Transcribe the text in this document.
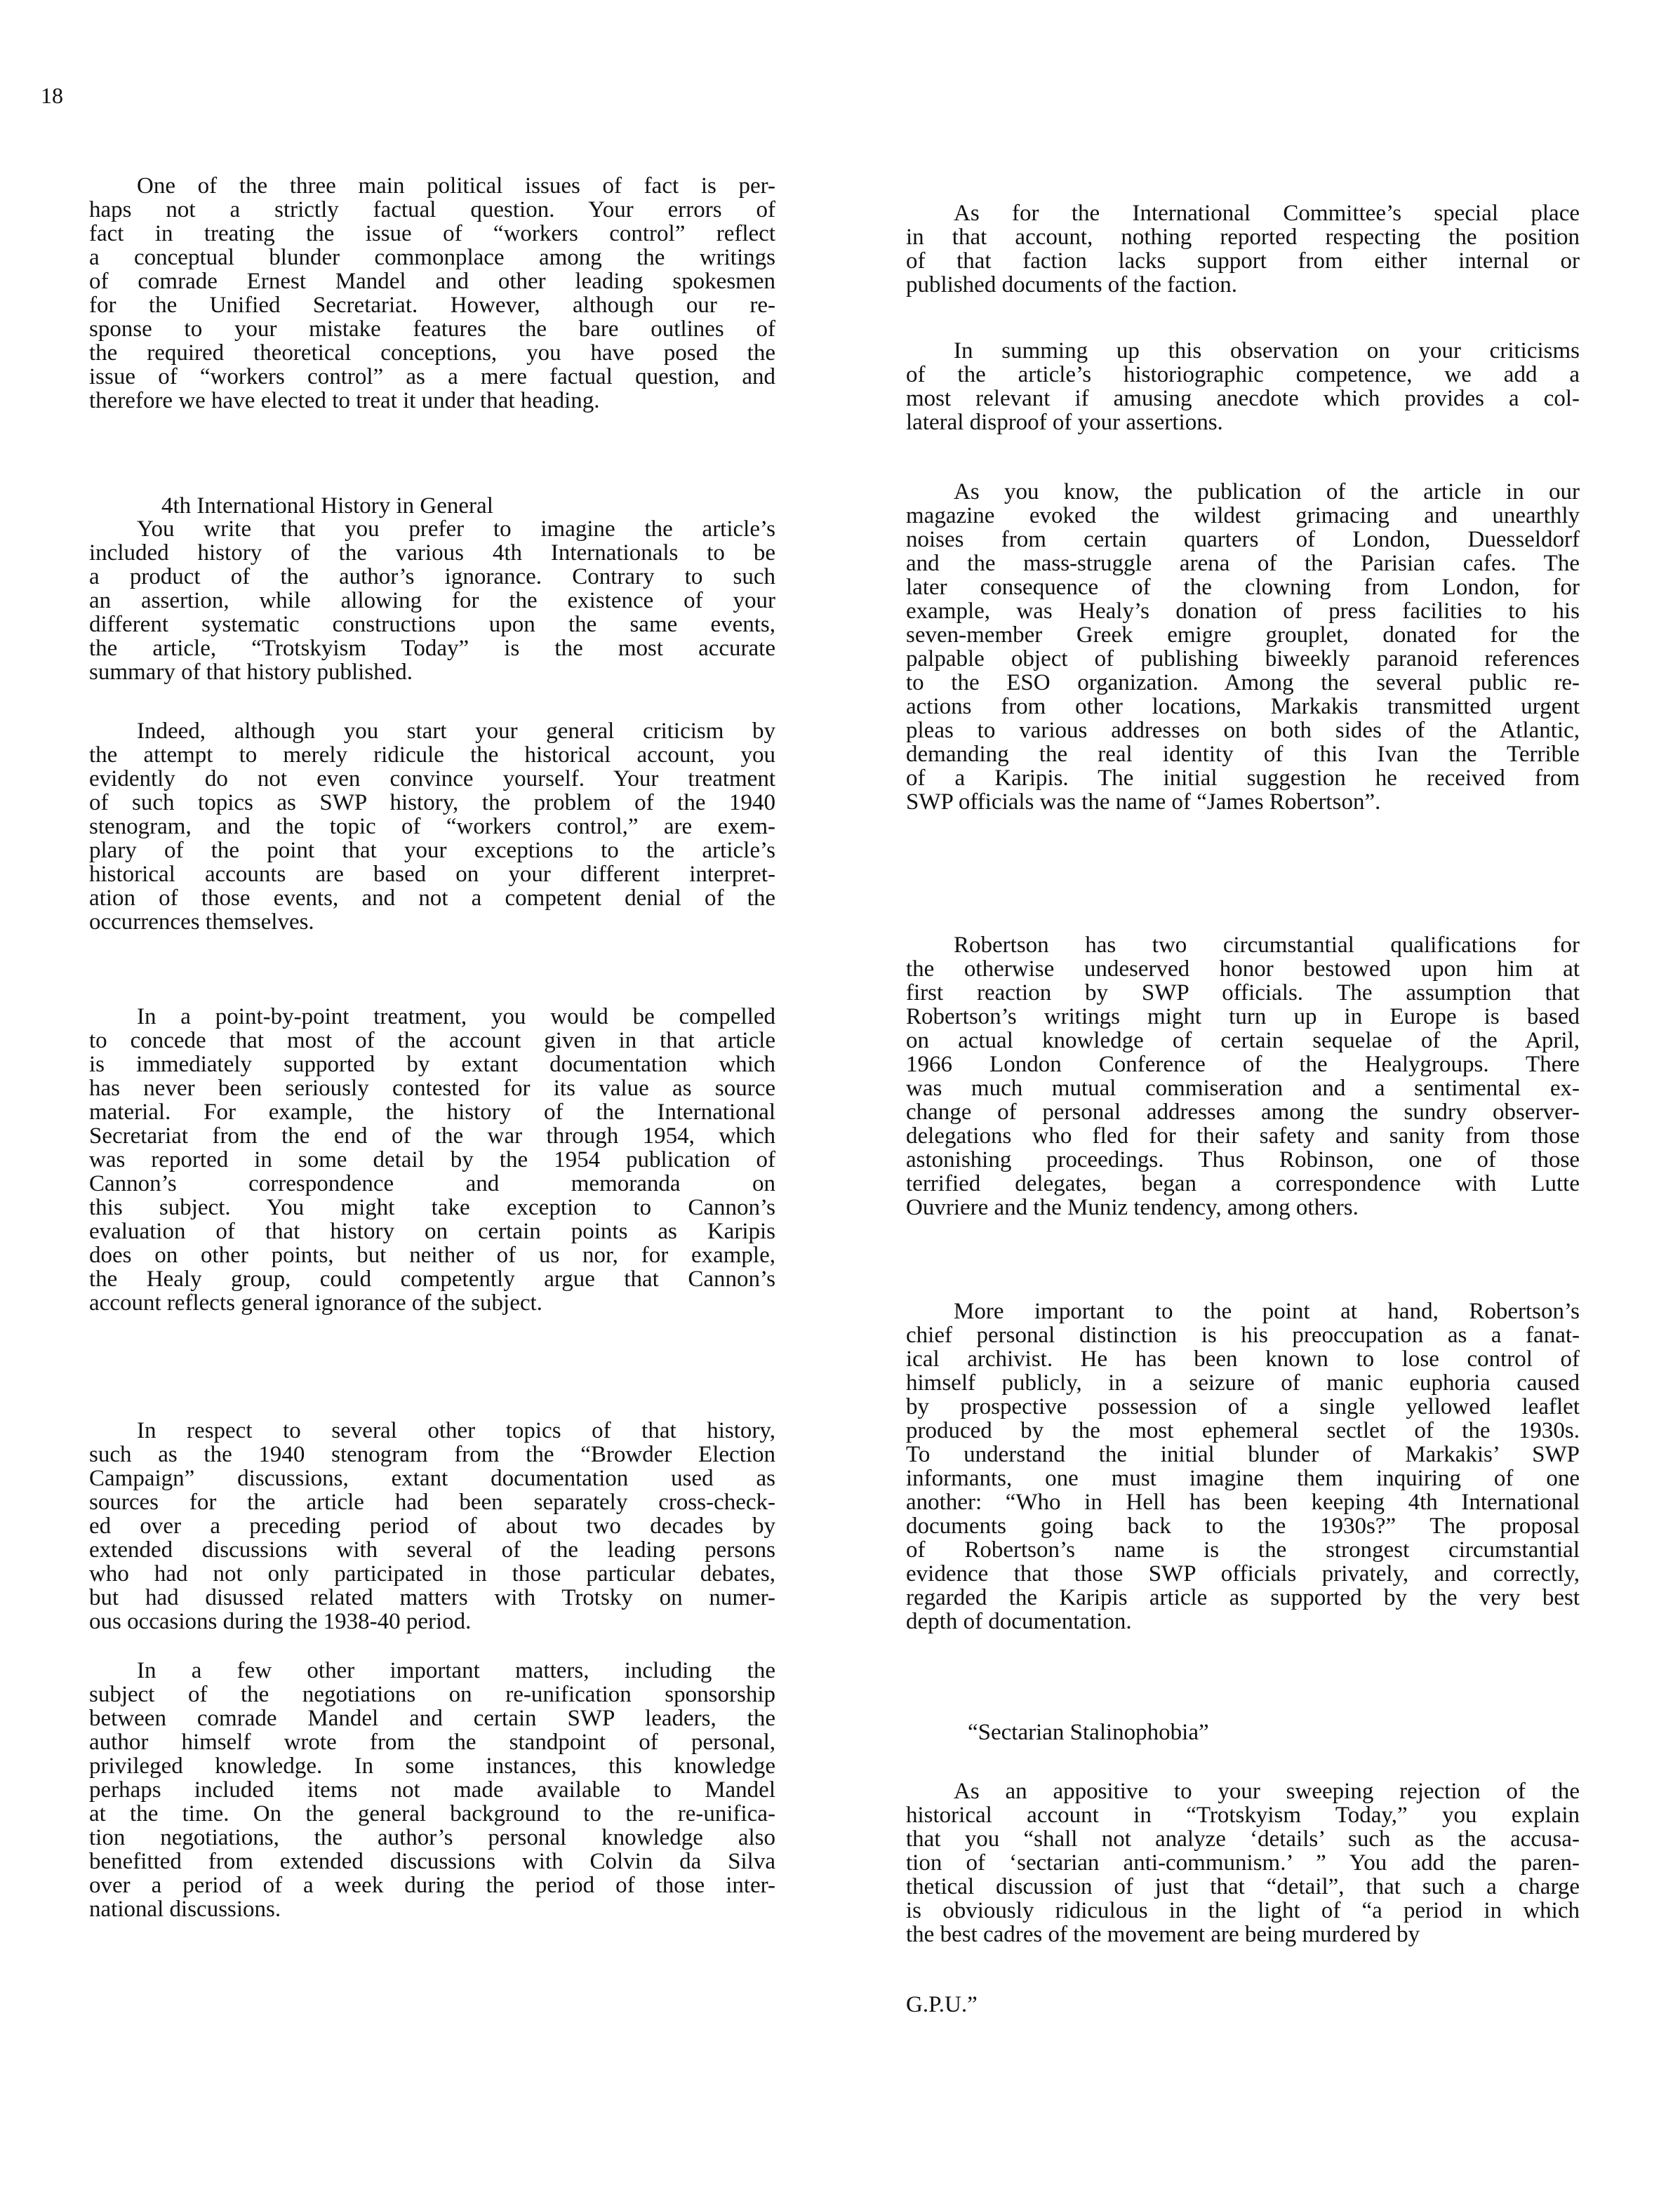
18
4th International History in General
“Sectarian Stalinophobia”
G.P.U.”
One of the three main political issues of fact is per-
haps not a strictly factual question. Your errors of
fact in treating the issue of “workers control” reflect
a conceptual blunder commonplace among the writings
of comrade Ernest Mandel and other leading spokesmen
for the Unified Secretariat. However, although our re-
sponse to your mistake features the bare outlines of
the required theoretical conceptions, you have posed the
issue of “workers control” as a mere factual question, and
therefore we have elected to treat it under that heading.
You write that you prefer to imagine the article’s
included history of the various 4th Internationals to be
a product of the author’s ignorance. Contrary to such
an assertion, while allowing for the existence of your
different systematic constructions upon the same events,
the article, “Trotskyism Today” is the most accurate
summary of that history published.
Indeed, although you start your general criticism by
the attempt to merely ridicule the historical account, you
evidently do not even convince yourself. Your treatment
of such topics as SWP history, the problem of the 1940
stenogram, and the topic of “workers control,” are exem-
plary of the point that your exceptions to the article’s
historical accounts are based on your different interpret-
ation of those events, and not a competent denial of the
occurrences themselves.
In a point-by-point treatment, you would be compelled
to concede that most of the account given in that article
is immediately supported by extant documentation which
has never been seriously contested for its value as source
material. For example, the history of the International
Secretariat from the end of the war through 1954, which
was reported in some detail by the 1954 publication of
Cannon’s correspondence and memoranda on
this subject. You might take exception to Cannon’s
evaluation of that history on certain points as Karipis
does on other points, but neither of us nor, for example,
the Healy group, could competently argue that Cannon’s
account reflects general ignorance of the subject.
In respect to several other topics of that history,
such as the 1940 stenogram from the “Browder Election
Campaign” discussions, extant documentation used as
sources for the article had been separately cross-check-
ed over a preceding period of about two decades by
extended discussions with several of the leading persons
who had not only participated in those particular debates,
but had disussed related matters with Trotsky on numer-
ous occasions during the 1938-40 period.
In a few other important matters, including the
subject of the negotiations on re-unification sponsorship
between comrade Mandel and certain SWP leaders, the
author himself wrote from the standpoint of personal,
privileged knowledge. In some instances, this knowledge
perhaps included items not made available to Mandel
at the time. On the general background to the re-unifica-
tion negotiations, the author’s personal knowledge also
benefitted from extended discussions with Colvin da Silva
over a period of a week during the period of those inter-
national discussions.
As for the International Committee’s special place
in that account, nothing reported respecting the position
of that faction lacks support from either internal or
published documents of the faction.
In summing up this observation on your criticisms
of the article’s historiographic competence, we add a
most relevant if amusing anecdote which provides a col-
lateral disproof of your assertions.
As you know, the publication of the article in our
magazine evoked the wildest grimacing and unearthly
noises from certain quarters of London, Duesseldorf
and the mass-struggle arena of the Parisian cafes. The
later consequence of the clowning from London, for
example, was Healy’s donation of press facilities to his
seven-member Greek emigre grouplet, donated for the
palpable object of publishing biweekly paranoid references
to the ESO organization. Among the several public re-
actions from other locations, Markakis transmitted urgent
pleas to various addresses on both sides of the Atlantic,
demanding the real identity of this Ivan the Terrible
of a Karipis. The initial suggestion he received from
SWP officials was the name of “James Robertson”.
Robertson has two circumstantial qualifications for
the otherwise undeserved honor bestowed upon him at
first reaction by SWP officials. The assumption that
Robertson’s writings might turn up in Europe is based
on actual knowledge of certain sequelae of the April,
1966 London Conference of the Healygroups. There
was much mutual commiseration and a sentimental ex-
change of personal addresses among the sundry observer-
delegations who fled for their safety and sanity from those
astonishing proceedings. Thus Robinson, one of those
terrified delegates, began a correspondence with Lutte
Ouvriere and the Muniz tendency, among others.
More important to the point at hand, Robertson’s
chief personal distinction is his preoccupation as a fanat-
ical archivist. He has been known to lose control of
himself publicly, in a seizure of manic euphoria caused
by prospective possession of a single yellowed leaflet
produced by the most ephemeral sectlet of the 1930s.
To understand the initial blunder of Markakis’ SWP
informants, one must imagine them inquiring of one
another: “Who in Hell has been keeping 4th International
documents going back to the 1930s?” The proposal
of Robertson’s name is the strongest circumstantial
evidence that those SWP officials privately, and correctly,
regarded the Karipis article as supported by the very best
depth of documentation.
As an appositive to your sweeping rejection of the
historical account in “Trotskyism Today,” you explain
that you “shall not analyze ‘details’ such as the accusa-
tion of ‘sectarian anti-communism.’ ” You add the paren-
thetical discussion of just that “detail”, that such a charge
is obviously ridiculous in the light of “a period in which
the best cadres of the movement are being murdered by
